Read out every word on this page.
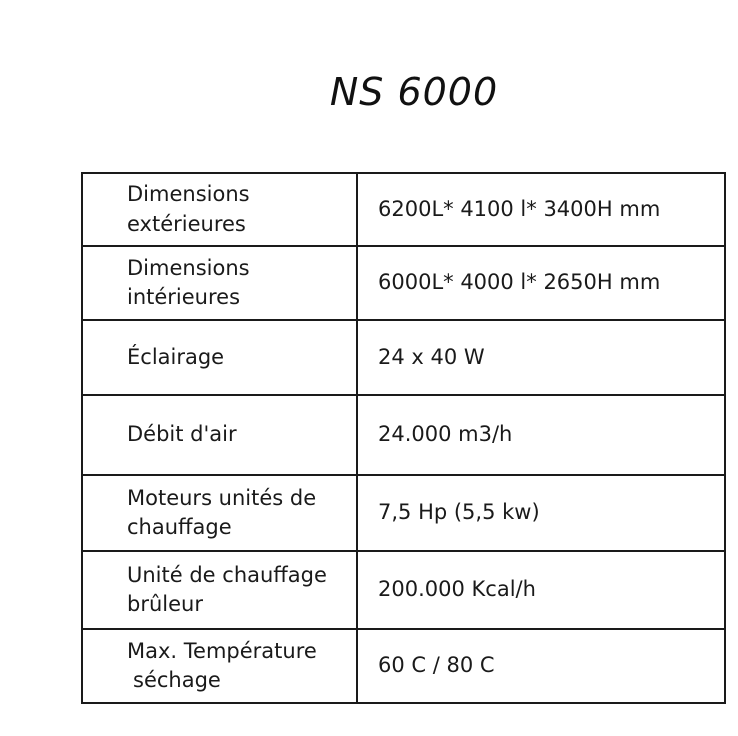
NS 6000
Dimensions
extérieures	6200L* 4100 l* 3400H mm
Dimensions
intérieures	6000L* 4000 l* 2650H mm
Éclairage	24 x 40 W
Débit d'air	24.000 m3/h
Moteurs unités de
chauffage	7,5 Hp (5,5 kw)
Unité de chauffage
brûleur	200.000 Kcal/h
Max. Température
séchage	60 C / 80 C
